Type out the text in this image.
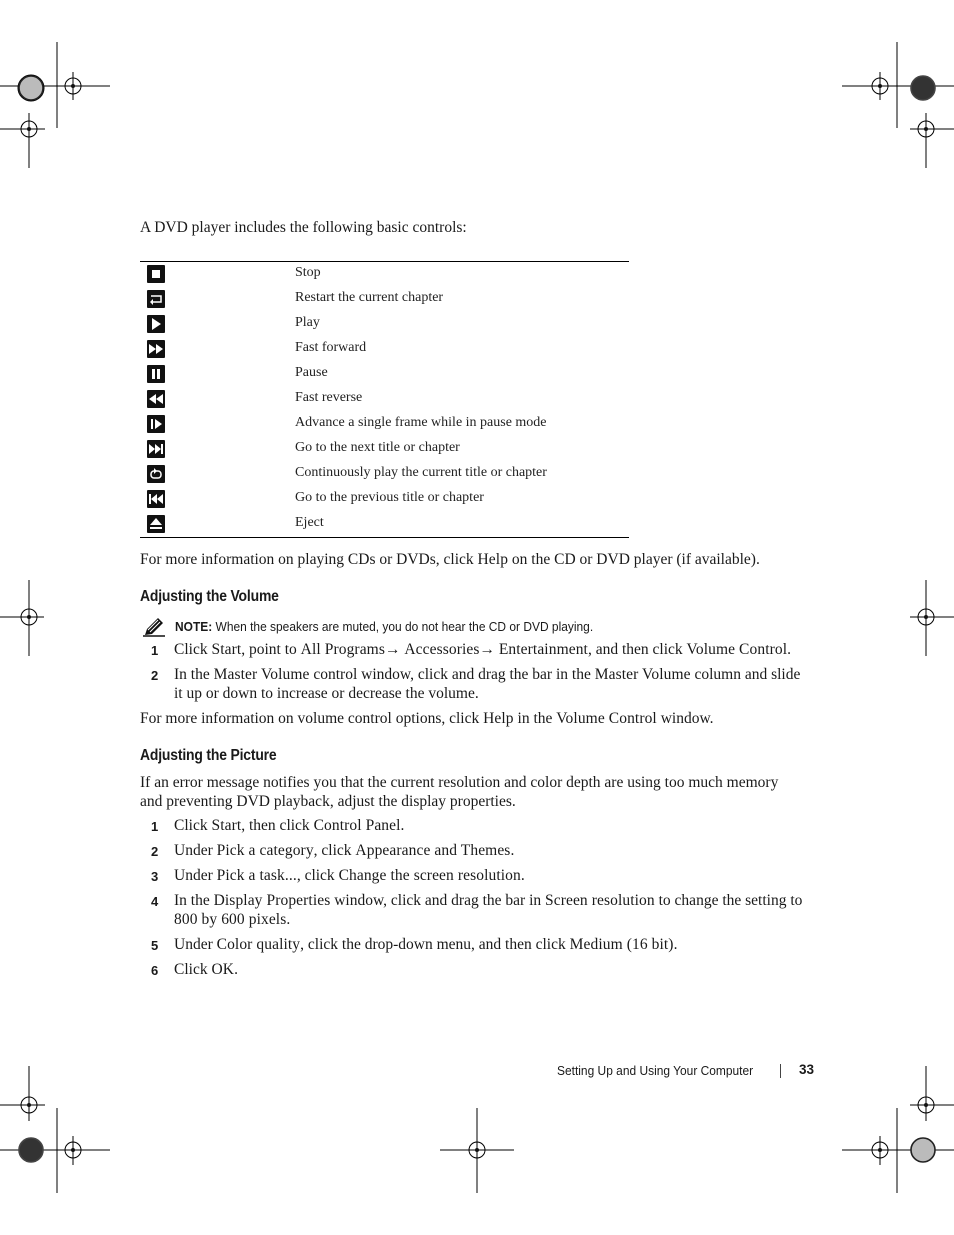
A DVD player includes the following basic controls:
Stop
Restart the current chapter
Play
Fast forward
Pause
Fast reverse
Advance a single frame while in pause mode
Go to the next title or chapter
Continuously play the current title or chapter
Go to the previous title or chapter
Eject
For more information on playing CDs or DVDs, click Help on the CD or DVD player (if available).
Adjusting the Volume
NOTE: When the speakers are muted, you do not hear the CD or DVD playing.
1 Click Start, point to All Programs→ Accessories→ Entertainment, and then click Volume Control.
2 In the Master Volume control window, click and drag the bar in the Master Volume column and slide
it up or down to increase or decrease the volume.
For more information on volume control options, click Help in the Volume Control window.
Adjusting the Picture
If an error message notifies you that the current resolution and color depth are using too much memory
and preventing DVD playback, adjust the display properties.
1 Click Start, then click Control Panel.
2 Under Pick a category, click Appearance and Themes.
3 Under Pick a task..., click Change the screen resolution.
4 In the Display Properties window, click and drag the bar in Screen resolution to change the setting to
800 by 600 pixels.
5 Under Color quality, click the drop-down menu, and then click Medium (16 bit).
6 Click OK.
Setting Up and Using Your Computer	33
